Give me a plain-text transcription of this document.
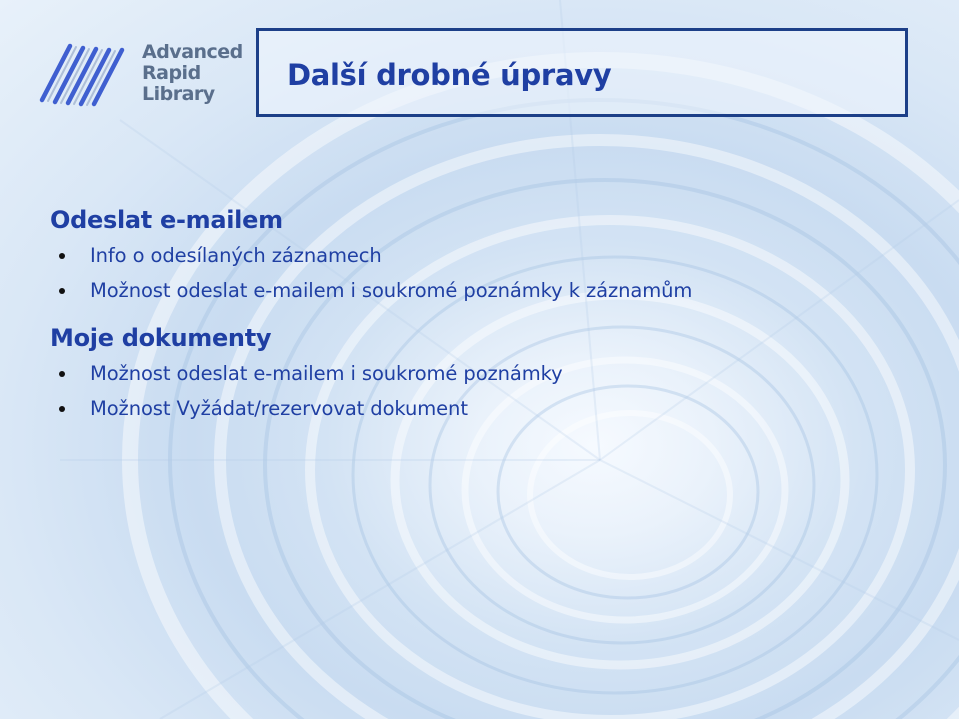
Advanced
Rapid
Library
Další drobné úpravy
Odeslat e-mailem
Info o odesílaných záznamech
Možnost odeslat e-mailem i soukromé poznámky k záznamům
Moje dokumenty
Možnost odeslat e-mailem i soukromé poznámky
Možnost Vyžádat/rezervovat dokument
